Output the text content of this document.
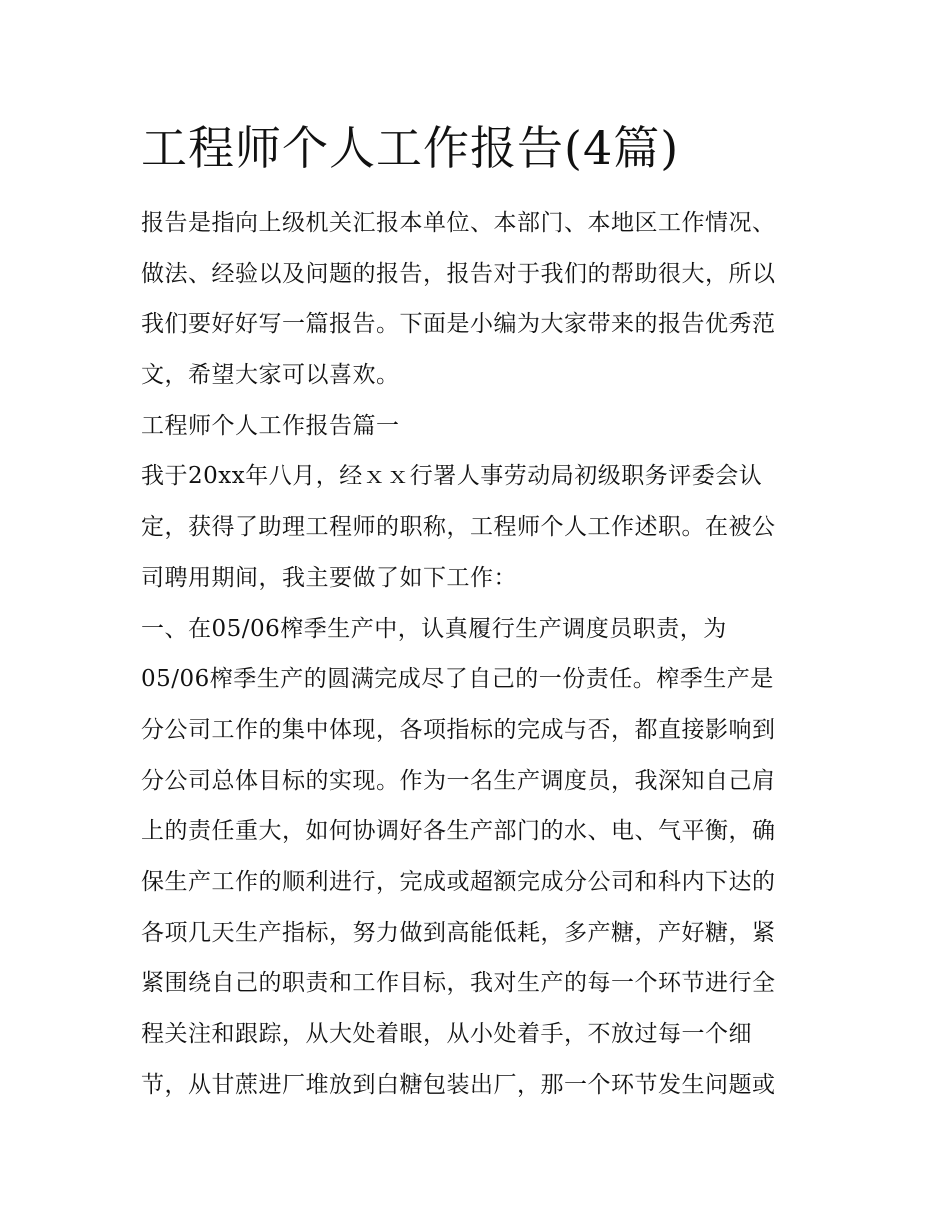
工程师个人工作报告(4篇)
报告是指向上级机关汇报本单位、本部门、本地区工作情况、
做法、经验以及问题的报告，报告对于我们的帮助很大，所以
我们要好好写一篇报告。下面是小编为大家带来的报告优秀范
文，希望大家可以喜欢。
工程师个人工作报告篇一
我于20xx年八月，经ｘｘ行署人事劳动局初级职务评委会认
定，获得了助理工程师的职称，工程师个人工作述职。在被公
司聘用期间，我主要做了如下工作：
一、在05/06榨季生产中，认真履行生产调度员职责，为
05/06榨季生产的圆满完成尽了自己的一份责任。榨季生产是
分公司工作的集中体现，各项指标的完成与否，都直接影响到
分公司总体目标的实现。作为一名生产调度员，我深知自己肩
上的责任重大，如何协调好各生产部门的水、电、气平衡，确
保生产工作的顺利进行，完成或超额完成分公司和科内下达的
各项几天生产指标，努力做到高能低耗，多产糖，产好糖，紧
紧围绕自己的职责和工作目标，我对生产的每一个环节进行全
程关注和跟踪，从大处着眼，从小处着手，不放过每一个细
节，从甘蔗进厂堆放到白糖包装出厂，那一个环节发生问题或
